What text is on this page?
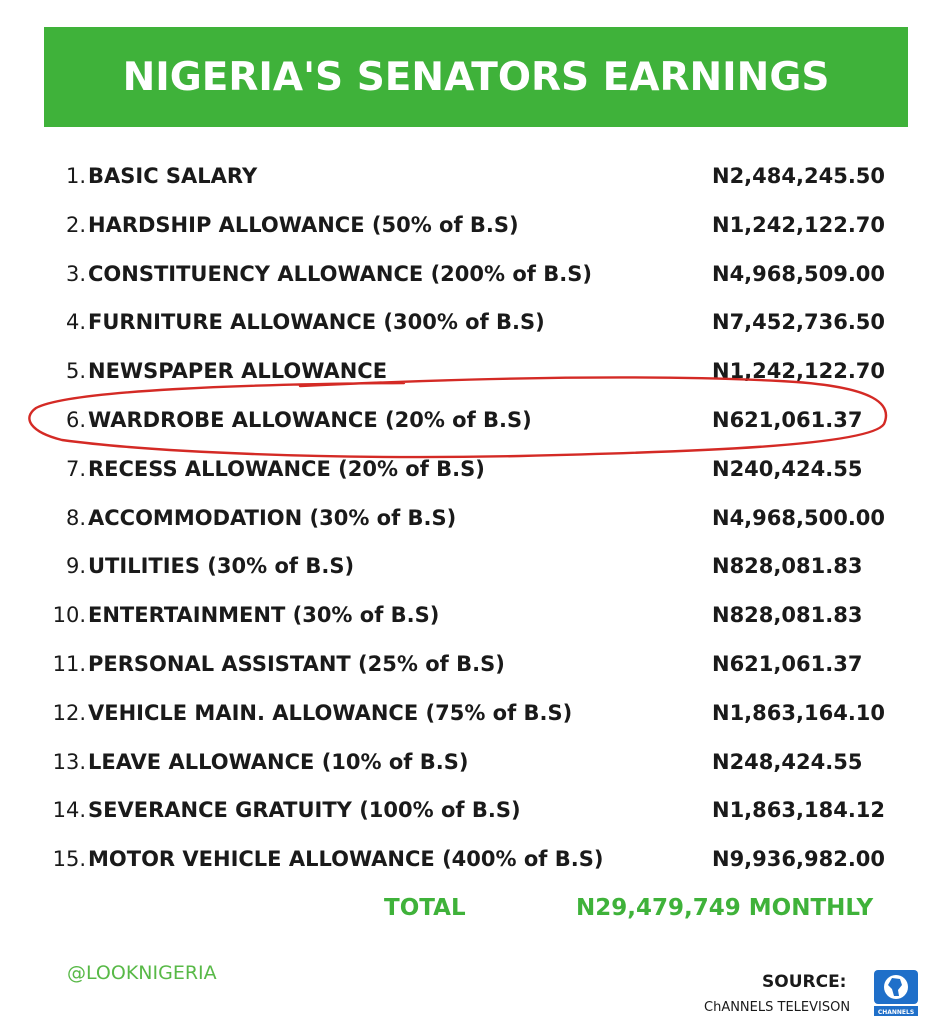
NIGERIA'S SENATORS EARNINGS
1. BASIC SALARY	N2,484,245.50
2. HARDSHIP ALLOWANCE (50% of B.S)	N1,242,122.70
3. CONSTITUENCY ALLOWANCE (200% of B.S)	N4,968,509.00
4. FURNITURE ALLOWANCE (300% of B.S)	N7,452,736.50
5. NEWSPAPER ALLOWANCE	N1,242,122.70
6. WARDROBE ALLOWANCE (20% of B.S)	N621,061.37
7. RECESS ALLOWANCE (20% of B.S)	N240,424.55
8. ACCOMMODATION (30% of B.S)	N4,968,500.00
9. UTILITIES (30% of B.S)	N828,081.83
10. ENTERTAINMENT (30% of B.S)	N828,081.83
11. PERSONAL ASSISTANT (25% of B.S)	N621,061.37
12. VEHICLE MAIN. ALLOWANCE (75% of B.S)	N1,863,164.10
13. LEAVE ALLOWANCE (10% of B.S)	N248,424.55
14. SEVERANCE GRATUITY (100% of B.S)	N1,863,184.12
15. MOTOR VEHICLE ALLOWANCE (400% of B.S)	N9,936,982.00
TOTAL	N29,479,749 MONTHLY
@LOOKNIGERIA	SOURCE:
ChANNELS TELEVISON	CHANNELS
